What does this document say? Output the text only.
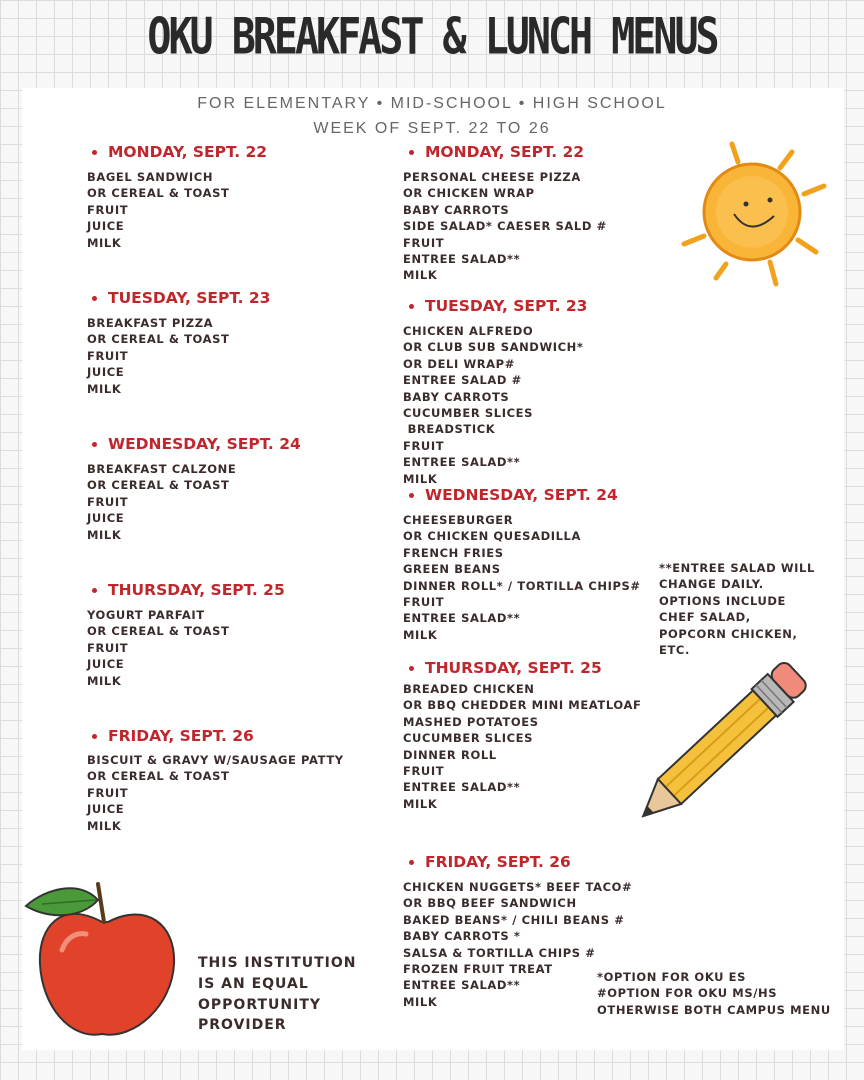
OKU BREAKFAST & LUNCH MENUS
FOR ELEMENTARY • MID-SCHOOL • HIGH SCHOOL
WEEK OF SEPT. 22 TO 26
MONDAY, SEPT. 22
BAGEL SANDWICH
OR CEREAL & TOAST
FRUIT
JUICE
MILK
TUESDAY, SEPT. 23
BREAKFAST PIZZA
OR CEREAL & TOAST
FRUIT
JUICE
MILK
WEDNESDAY, SEPT. 24
BREAKFAST CALZONE
OR CEREAL & TOAST
FRUIT
JUICE
MILK
THURSDAY, SEPT. 25
YOGURT PARFAIT
OR CEREAL & TOAST
FRUIT
JUICE
MILK
FRIDAY, SEPT. 26
BISCUIT & GRAVY W/SAUSAGE PATTY
OR CEREAL & TOAST
FRUIT
JUICE
MILK
MONDAY, SEPT. 22
PERSONAL CHEESE PIZZA
OR CHICKEN WRAP
BABY CARROTS
SIDE SALAD* CAESER SALD #
FRUIT
ENTREE SALAD**
MILK
TUESDAY, SEPT. 23
CHICKEN ALFREDO
OR CLUB SUB SANDWICH*
OR DELI WRAP#
ENTREE SALAD #
BABY CARROTS
CUCUMBER SLICES
BREADSTICK
FRUIT
ENTREE SALAD**
MILK
WEDNESDAY, SEPT. 24
CHEESEBURGER
OR CHICKEN QUESADILLA
FRENCH FRIES
GREEN BEANS
DINNER ROLL* / TORTILLA CHIPS#
FRUIT
ENTREE SALAD**
MILK
THURSDAY, SEPT. 25
BREADED CHICKEN
OR BBQ CHEDDER MINI MEATLOAF
MASHED POTATOES
CUCUMBER SLICES
DINNER ROLL
FRUIT
ENTREE SALAD**
MILK
FRIDAY, SEPT. 26
CHICKEN NUGGETS* BEEF TACO#
OR BBQ BEEF SANDWICH
BAKED BEANS* / CHILI BEANS #
BABY CARROTS *
SALSA & TORTILLA CHIPS #
FROZEN FRUIT TREAT
ENTREE SALAD**
MILK
**ENTREE SALAD WILL
CHANGE DAILY.
OPTIONS INCLUDE
CHEF SALAD,
POPCORN CHICKEN,
ETC.
*OPTION FOR OKU ES
#OPTION FOR OKU MS/HS
OTHERWISE BOTH CAMPUS MENU
THIS INSTITUTION
IS AN EQUAL
OPPORTUNITY
PROVIDER
